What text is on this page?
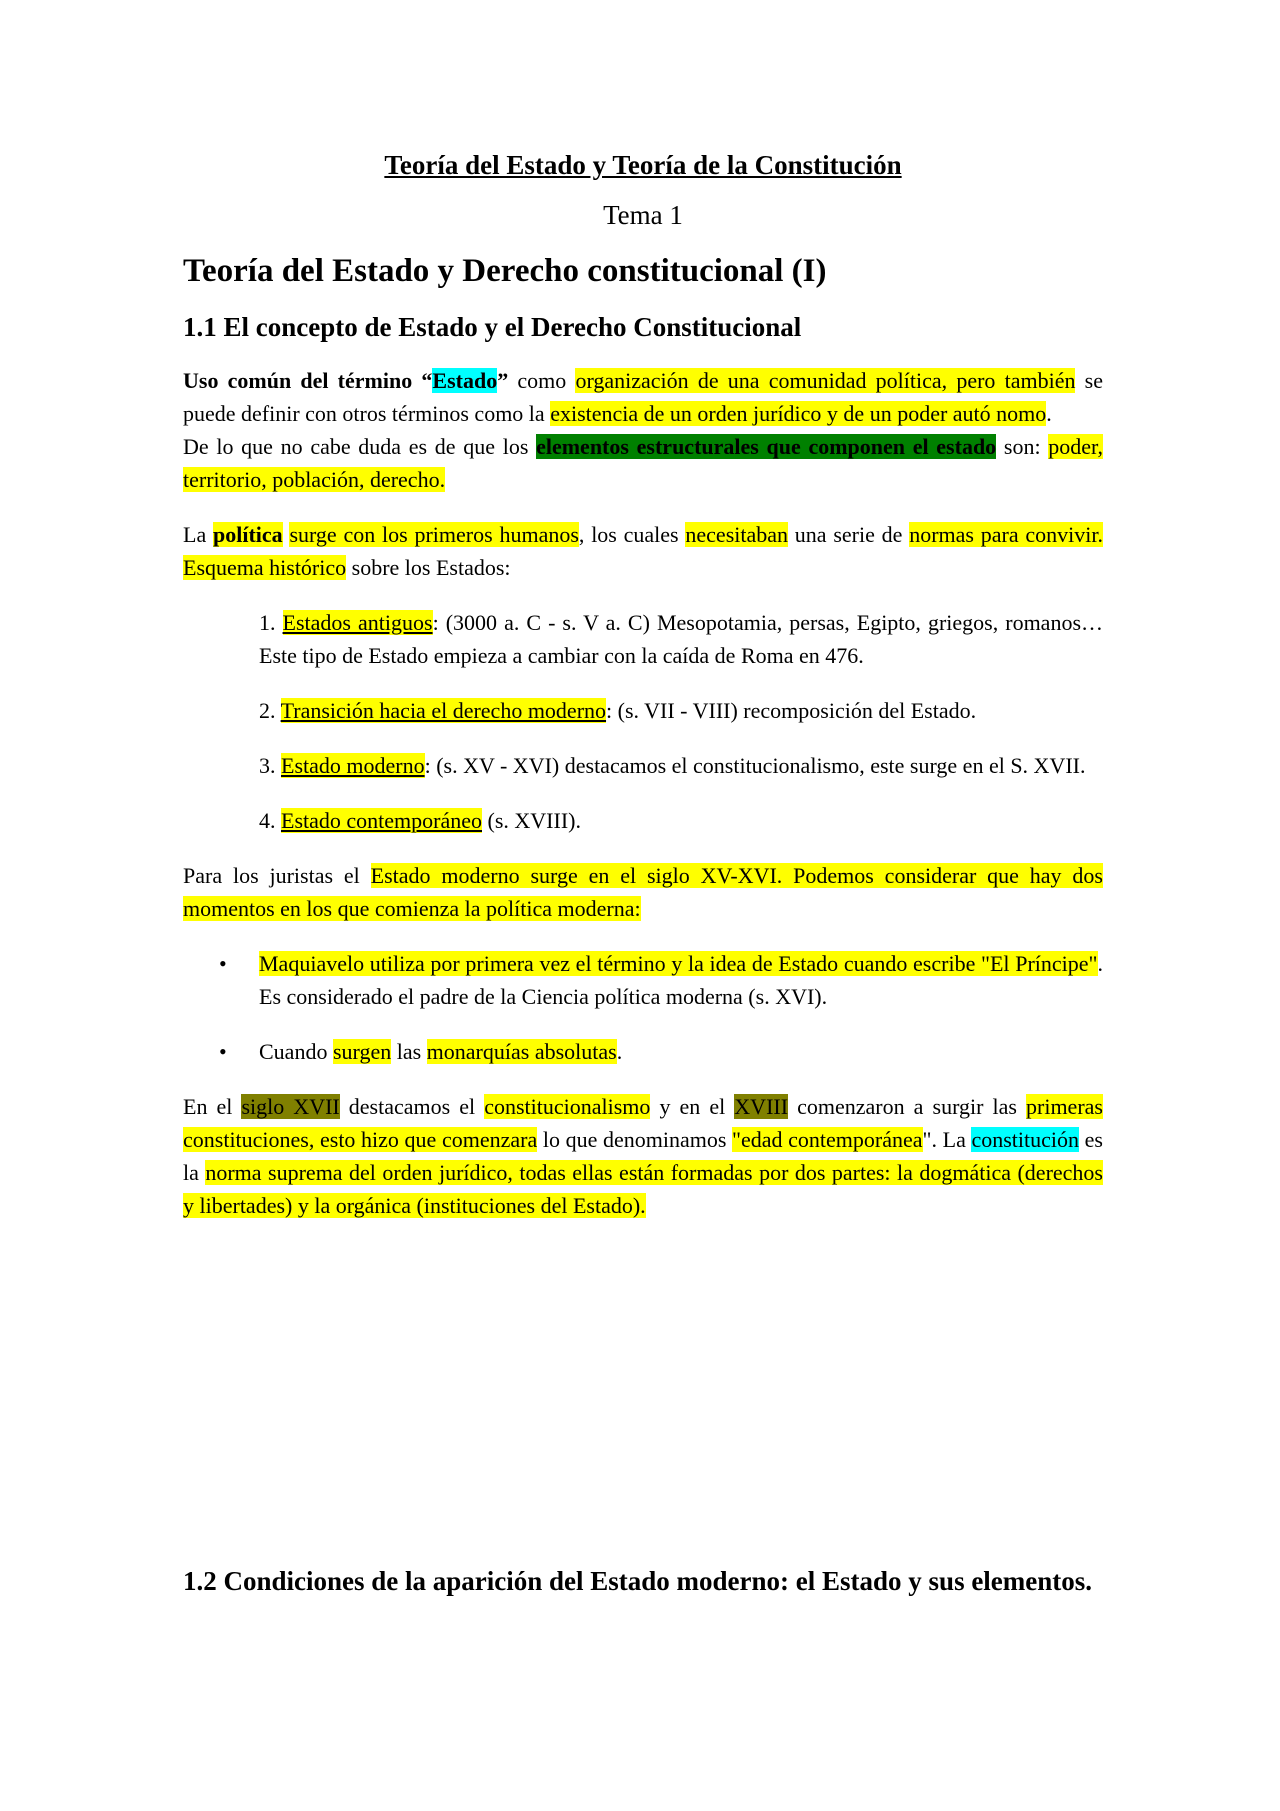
Teoría del Estado y Teoría de la Constitución
Tema 1
Teoría del Estado y Derecho constitucional (I)
1.1 El concepto de Estado y el Derecho Constitucional

Uso común del término “Estado” como organización de una comunidad política, pero también se puede definir con otros términos como la existencia de un orden jurídico y de un poder autó nomo.
De lo que no cabe duda es de que los elementos estructurales que componen el estado son: poder, territorio, población, derecho.

La política surge con los primeros humanos, los cuales necesitaban una serie de normas para convivir. Esquema histórico sobre los Estados:

1. Estados antiguos: (3000 a. C - s. V a. C) Mesopotamia, persas, Egipto, griegos, romanos… Este tipo de Estado empieza a cambiar con la caída de Roma en 476.
2. Transición hacia el derecho moderno: (s. VII - VIII) recomposición del Estado.
3. Estado moderno: (s. XV - XVI) destacamos el constitucionalismo, este surge en el S. XVII.
4. Estado contemporáneo (s. XVIII).

Para los juristas el Estado moderno surge en el siglo XV-XVI. Podemos considerar que hay dos momentos en los que comienza la política moderna:

• Maquiavelo utiliza por primera vez el término y la idea de Estado cuando escribe "El Príncipe". Es considerado el padre de la Ciencia política moderna (s. XVI).
• Cuando surgen las monarquías absolutas.

En el siglo XVII destacamos el constitucionalismo y en el XVIII comenzaron a surgir las primeras constituciones, esto hizo que comenzara lo que denominamos "edad contemporánea". La constitución es la norma suprema del orden jurídico, todas ellas están formadas por dos partes: la dogmática (derechos y libertades) y la orgánica (instituciones del Estado).

1.2 Condiciones de la aparición del Estado moderno: el Estado y sus elementos.
